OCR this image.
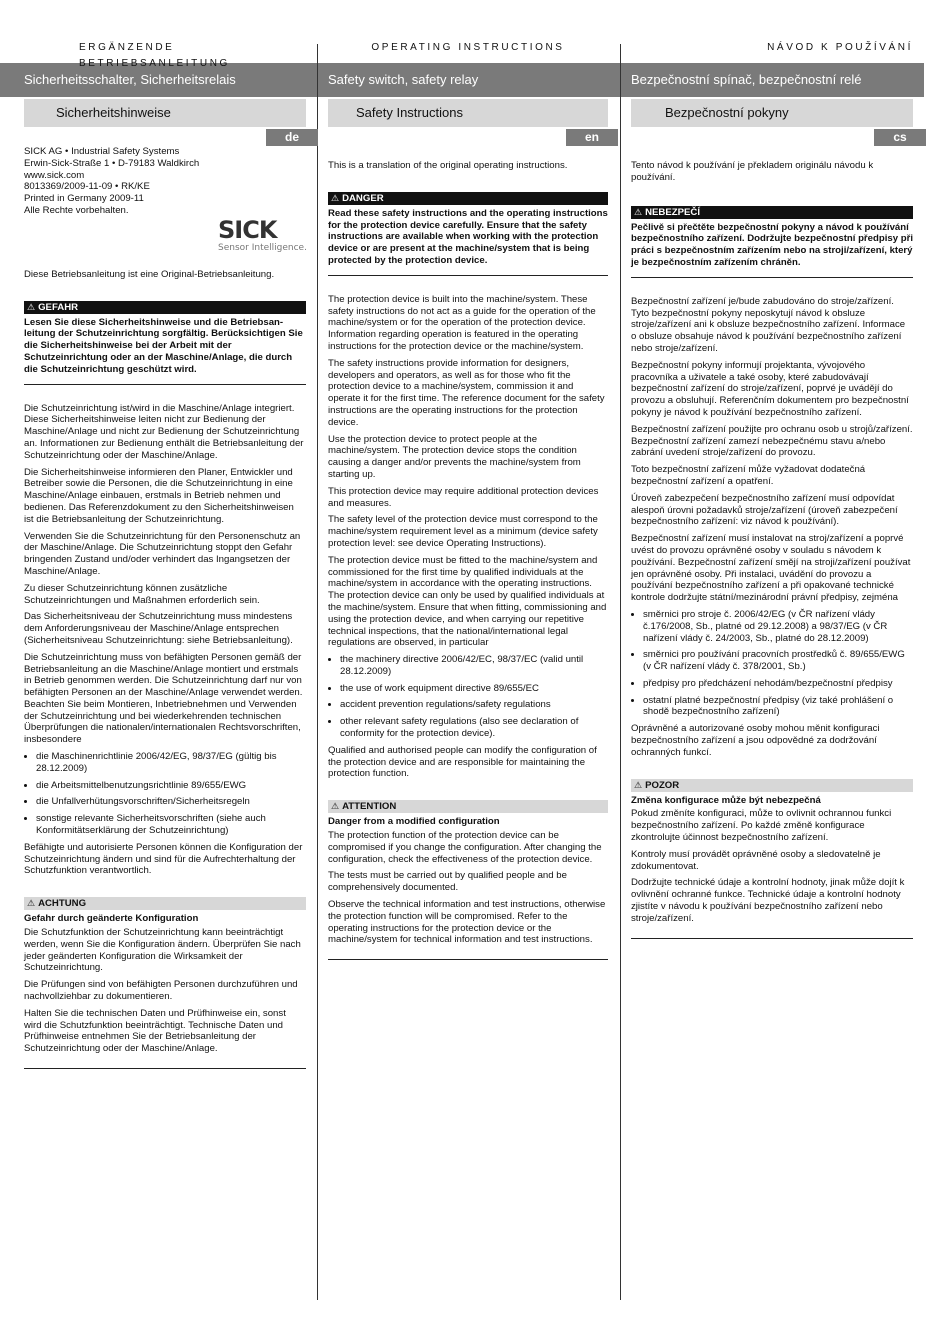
Sicherheitsschalter, Sicherheitsrelais	Safety switch, safety relay	Bezpečnostní spínač, bezpečnostní relé
Sicherheitshinweise	Safety Instructions	Bezpečnostní pokyny
de	en	cs
SICK
Sensor Intelligence.
ERGÄNZENDE BETRIEBSANLEITUNG
SICK AG • Industrial Safety Systems
Erwin-Sick-Straße 1 • D-79183 Waldkirch
www.sick.com
8013369/2009-11-09 • RK/KE
Printed in Germany 2009-11
Alle Rechte vorbehalten.

Diese Betriebsanleitung ist eine Original-Betriebsanleitung.

⚠ GEFAHR
Lesen Sie diese Sicherheitshinweise und die Betriebsan-leitung der Schutzeinrichtung sorgfältig. Berücksichtigen Sie die Sicherheitshinweise bei der Arbeit mit der Schutzeinrichtung oder an der Maschine/Anlage, die durch die Schutzeinrichtung geschützt wird.

Die Schutzeinrichtung ist/wird in die Maschine/Anlage integriert. Diese Sicherheitshinweise leiten nicht zur Bedienung der Maschine/Anlage und nicht zur Bedienung der Schutzeinrichtung an. Informationen zur Bedienung enthält die Betriebsanleitung der Schutzeinrichtung oder der Maschine/Anlage.

Die Sicherheitshinweise informieren den Planer, Entwickler und Betreiber sowie die Personen, die die Schutzeinrichtung in eine Maschine/Anlage einbauen, erstmals in Betrieb nehmen und bedienen. Das Referenzdokument zu den Sicherheitshinweisen ist die Betriebsanleitung der Schutzeinrichtung.

Verwenden Sie die Schutzeinrichtung für den Personenschutz an der Maschine/Anlage. Die Schutzeinrichtung stoppt den Gefahr bringenden Zustand und/oder verhindert das Ingangsetzen der Maschine/Anlage.

Zu dieser Schutzeinrichtung können zusätzliche Schutzeinrichtungen und Maßnahmen erforderlich sein.

Das Sicherheitsniveau der Schutzeinrichtung muss mindestens dem Anforderungsniveau der Maschine/Anlage entsprechen (Sicherheitsniveau Schutzeinrichtung: siehe Betriebsanleitung).

Die Schutzeinrichtung muss von befähigten Personen gemäß der Betriebsanleitung an die Maschine/Anlage montiert und erstmals in Betrieb genommen werden. Die Schutzeinrichtung darf nur von befähigten Personen an der Maschine/Anlage verwendet werden. Beachten Sie beim Montieren, Inbetriebnehmen und Verwenden der Schutzeinrichtung und bei wiederkehrenden technischen Überprüfungen die nationalen/internationalen Rechtsvorschriften, insbesondere

• die Maschinenrichtlinie 2006/42/EG, 98/37/EG (gültig bis 28.12.2009)
• die Arbeitsmittelbenutzungsrichtlinie 89/655/EWG
• die Unfallverhütungsvorschriften/Sicherheitsregeln
• sonstige relevante Sicherheitsvorschriften (siehe auch Konformitätserklärung der Schutzeinrichtung)

Befähigte und autorisierte Personen können die Konfiguration der Schutzeinrichtung ändern und sind für die Aufrechterhaltung der Schutzfunktion verantwortlich.

⚠ ACHTUNG
Gefahr durch geänderte Konfiguration

Die Schutzfunktion der Schutzeinrichtung kann beeinträchtigt werden, wenn Sie die Konfiguration ändern. Überprüfen Sie nach jeder geänderten Konfiguration die Wirksamkeit der Schutzeinrichtung.

Die Prüfungen sind von befähigten Personen durchzuführen und nachvollziehbar zu dokumentieren.

Halten Sie die technischen Daten und Prüfhinweise ein, sonst wird die Schutzfunktion beeinträchtigt. Technische Daten und Prüfhinweise entnehmen Sie der Betriebsanleitung der Schutzeinrichtung oder der Maschine/Anlage.

OPERATING INSTRUCTIONS

This is a translation of the original operating instructions.

⚠ DANGER
Read these safety instructions and the operating instructions for the protection device carefully. Ensure that the safety instructions are available when working with the protection device or are present at the machine/system that is being protected by the protection device.

The protection device is built into the machine/system. These safety instructions do not act as a guide for the operation of the machine/system or for the operation of the protection device. Information regarding operation is featured in the operating instructions for the protection device or the machine/system.

The safety instructions provide information for designers, developers and operators, as well as for those who fit the protection device to a machine/system, commission it and operate it for the first time. The reference document for the safety instructions are the operating instructions for the protection device.

Use the protection device to protect people at the machine/system. The protection device stops the condition causing a danger and/or prevents the machine/system from starting up.

This protection device may require additional protection devices and measures.

The safety level of the protection device must correspond to the machine/system requirement level as a minimum (device safety protection level: see device Operating Instructions).

The protection device must be fitted to the machine/system and commissioned for the first time by qualified individuals at the machine/system in accordance with the operating instructions. The protection device can only be used by qualified individuals at the machine/system. Ensure that when fitting, commissioning and using the protection device, and when carrying our repetitive technical inspections, that the national/international legal regulations are observed, in particular

• the machinery directive 2006/42/EC, 98/37/EC (valid until 28.12.2009)
• the use of work equipment directive 89/655/EC
• accident prevention regulations/safety regulations
• other relevant safety regulations (also see declaration of conformity for the protection device).

Qualified and authorised people can modify the configuration of the protection device and are responsible for maintaining the protection function.

⚠ ATTENTION
Danger from a modified configuration

The protection function of the protection device can be compromised if you change the configuration. After changing the configuration, check the effectiveness of the protection device.

The tests must be carried out by qualified people and be comprehensively documented.

Observe the technical information and test instructions, otherwise the protection function will be compromised. Refer to the operating instructions for the protection device or the machine/system for technical information and test instructions.

NÁVOD K POUŽÍVÁNÍ

Tento návod k používání je překladem originálu návodu k používání.

⚠ NEBEZPEČÍ
Pečlivě si přečtěte bezpečnostní pokyny a návod k používání bezpečnostního zařízení. Dodržujte bezpečnostní předpisy při práci s bezpečnostním zařízením nebo na stroji/zařízení, který je bezpečnostním zařízením chráněn.

Bezpečnostní zařízení je/bude zabudováno do stroje/zařízení. Tyto bezpečnostní pokyny neposkytují návod k obsluze stroje/zařízení ani k obsluze bezpečnostního zařízení. Informace o obsluze obsahuje návod k používání bezpečnostního zařízení nebo stroje/zařízení.

Bezpečnostní pokyny informují projektanta, vývojového pracovníka a uživatele a také osoby, které zabudovávají bezpečnostní zařízení do stroje/zařízení, poprvé je uvádějí do provozu a obsluhují. Referenčním dokumentem pro bezpečnostní pokyny je návod k používání bezpečnostního zařízení.

Bezpečnostní zařízení použijte pro ochranu osob u strojů/zařízení. Bezpečnostní zařízení zamezí nebezpečnému stavu a/nebo zabrání uvedení stroje/zařízení do provozu.

Toto bezpečnostní zařízení může vyžadovat dodatečná bezpečnostní zařízení a opatření.

Úroveň zabezpečení bezpečnostního zařízení musí odpovídat alespoň úrovni požadavků stroje/zařízení (úroveň zabezpečení bezpečnostního zařízení: viz návod k používání).

Bezpečnostní zařízení musí instalovat na stroj/zařízení a poprvé uvést do provozu oprávněné osoby v souladu s návodem k používání. Bezpečnostní zařízení smějí na stroji/zařízení používat jen oprávněné osoby. Při instalaci, uvádění do provozu a používání bezpečnostního zařízení a při opakované technické kontrole dodržujte státní/mezinárodní právní předpisy, zejména

• směrnici pro stroje č. 2006/42/EG (v ČR nařízení vlády č.176/2008, Sb., platné od 29.12.2008) a 98/37/EG (v ČR nařízení vlády č. 24/2003, Sb., platné do 28.12.2009)
• směrnici pro používání pracovních prostředků č. 89/655/EWG (v ČR nařízení vlády č. 378/2001, Sb.)
• předpisy pro předcházení nehodám/bezpečnostní předpisy
• ostatní platné bezpečnostní předpisy (viz také prohlášení o shodě bezpečnostního zařízení)

Oprávněné a autorizované osoby mohou měnit konfiguraci bezpečnostního zařízení a jsou odpovědné za dodržování ochranných funkcí.

⚠ POZOR
Změna konfigurace může být nebezpečná

Pokud změníte konfiguraci, může to ovlivnit ochrannou funkci bezpečnostního zařízení. Po každé změně konfigurace zkontrolujte účinnost bezpečnostního zařízení.

Kontroly musí provádět oprávněné osoby a sledovatelně je zdokumentovat.

Dodržujte technické údaje a kontrolní hodnoty, jinak může dojít k ovlivnění ochranné funkce. Technické údaje a kontrolní hodnoty zjistíte v návodu k používání bezpečnostního zařízení nebo stroje/zařízení.
